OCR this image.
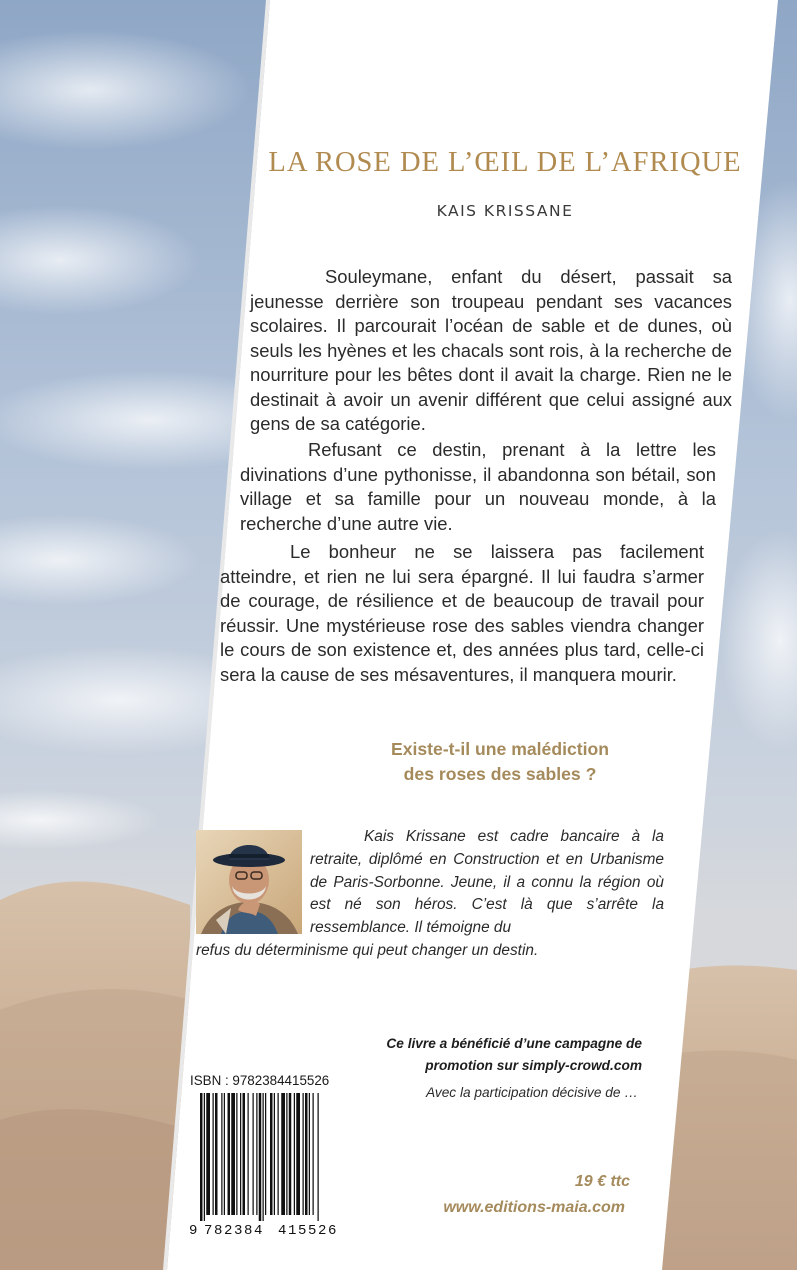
LA ROSE DE L’ŒIL DE L’AFRIQUE
KAIS KRISSANE

Souleymane, enfant du désert, passait sa jeunesse derrière son troupeau pendant ses vacances scolaires. Il parcourait l’océan de sable et de dunes, où seuls les hyènes et les chacals sont rois, à la recherche de nourriture pour les bêtes dont il avait la charge. Rien ne le destinait à avoir un avenir différent que celui assigné aux gens de sa catégorie.

Refusant ce destin, prenant à la lettre les divinations d’une pythonisse, il abandonna son bétail, son village et sa famille pour un nouveau monde, à la recherche d’une autre vie.

Le bonheur ne se laissera pas facilement atteindre, et rien ne lui sera épargné. Il lui faudra s’armer de courage, de résilience et de beaucoup de travail pour réussir. Une mystérieuse rose des sables viendra changer le cours de son existence et, des années plus tard, celle-ci sera la cause de ses mésaventures, il manquera mourir.

Existe-t-il une malédiction
des roses des sables ?

Kais Krissane est cadre bancaire à la retraite, diplômé en Construction et en Urbanisme de Paris-Sorbonne. Jeune, il a connu la région où est né son héros. C’est là que s’arrête la ressemblance. Il témoigne du

refus du déterminisme qui peut changer un destin.

Ce livre a bénéficié d’une campagne de
promotion sur simply-crowd.com
Avec la participation décisive de …
ISBN : 9782384415526
9 782384 415526
19 € ttc
www.editions-maia.com
